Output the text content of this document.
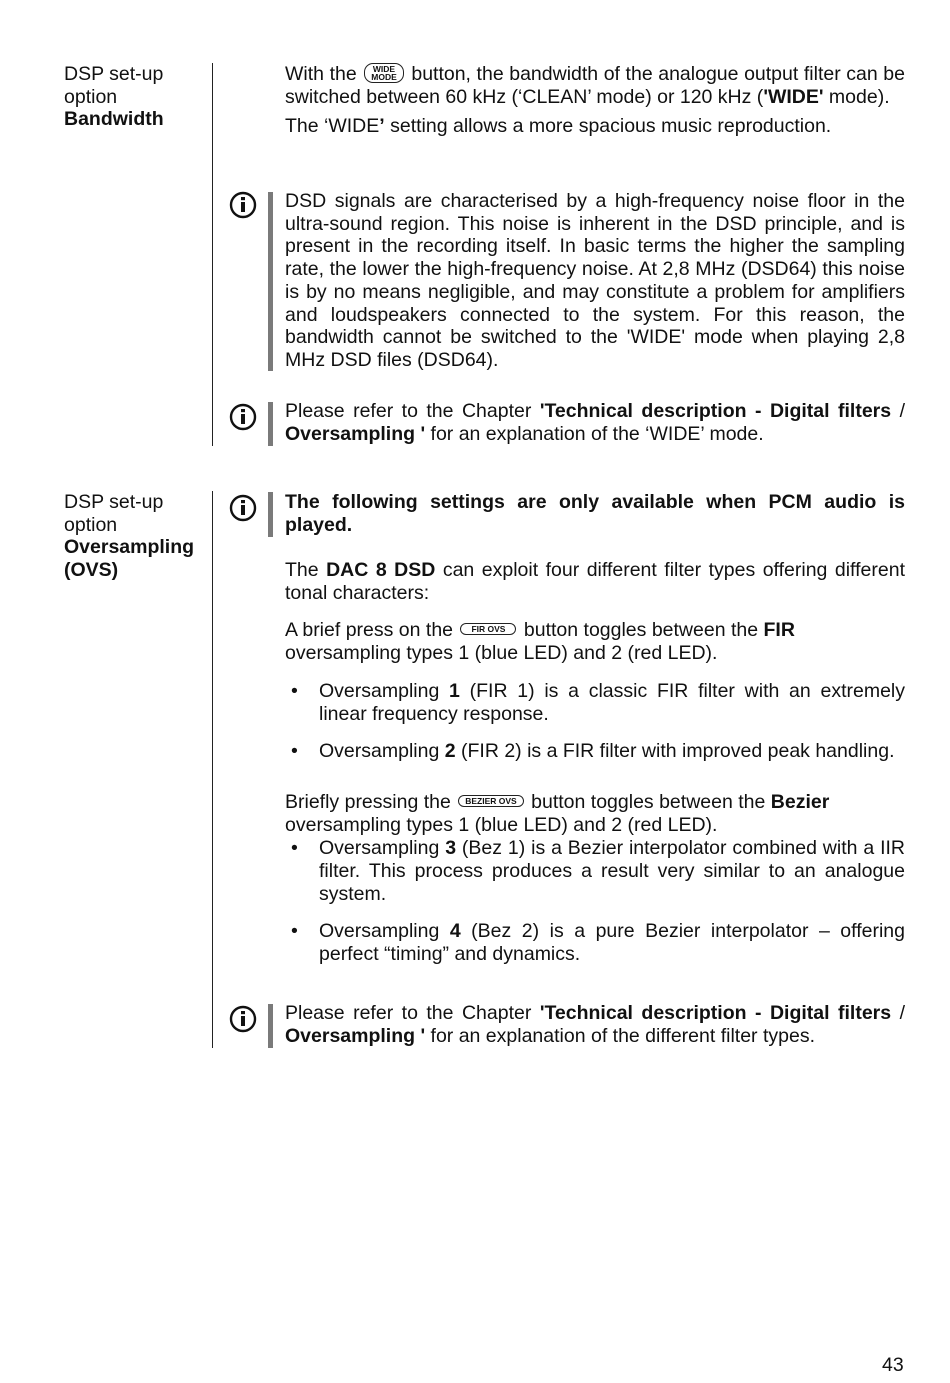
DSP set-up
option
Bandwidth

With the WIDE
MODE button, the bandwidth of the analogue output filter can be switched between 60 kHz (‘CLEAN’ mode) or 120 kHz ('WIDE' mode).

The ‘WIDE’ setting allows a more spacious music reproduction.

DSD signals are characterised by a high-frequency noise floor in the ultra-sound region. This noise is inherent in the DSD principle, and is present in the recording itself. In basic terms the higher the sampling rate, the lower the high-frequency noise. At 2,8 MHz (DSD64) this noise is by no means negligible, and may constitute a problem for amplifiers and loudspeakers connected to the system. For this reason, the bandwidth cannot be switched to the 'WIDE' mode when playing 2,8 MHz DSD files (DSD64).
Please refer to the Chapter 'Technical description - Digital filters / Oversampling ' for an explanation of the ‘WIDE’ mode.
DSP set-up
option
Oversampling
(OVS)
The following settings are only available when PCM audio is played.

The DAC 8 DSD can exploit four different filter types offering different tonal characters:

A brief press on the FIR OVS button toggles between the FIR
oversampling types 1 (blue LED) and 2 (red LED).

• Oversampling 1 (FIR 1) is a classic FIR filter with an extremely linear frequency response.
• Oversampling 2 (FIR 2) is a FIR filter with improved peak handling.

Briefly pressing the BEZIER OVS button toggles between the Bezier
oversampling types 1 (blue LED) and 2 (red LED).

• Oversampling 3 (Bez 1) is a Bezier interpolator combined with a IIR filter. This process produces a result very similar to an analogue system.
• Oversampling 4 (Bez 2) is a pure Bezier interpolator – offering perfect “timing” and dynamics.
Please refer to the Chapter 'Technical description - Digital filters / Oversampling ' for an explanation of the different filter types.
43
